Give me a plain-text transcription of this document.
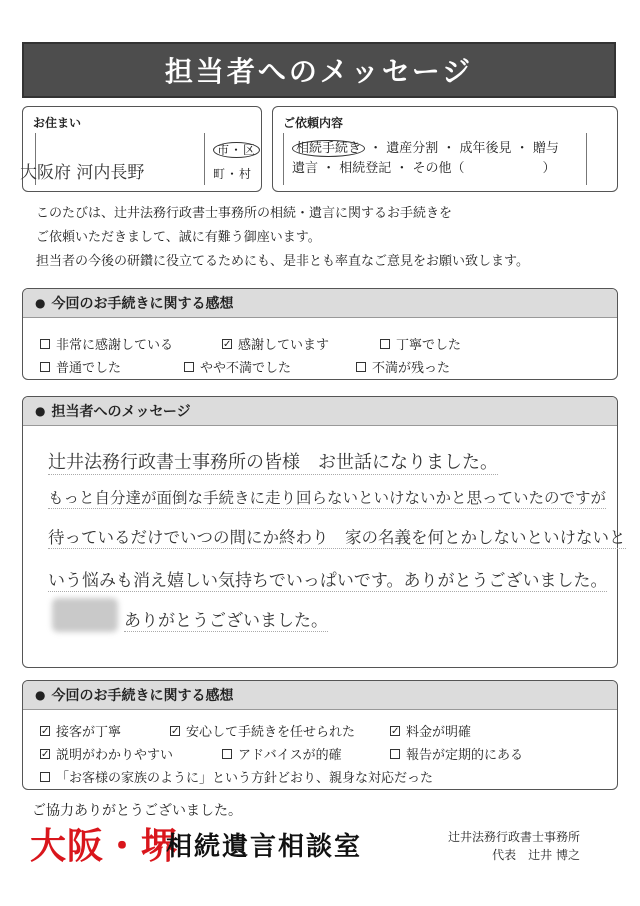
担当者へのメッセージ
お住まい
市・区
町・村
大阪府 河内長野
ご依頼内容
相続手続き ・ 遺産分割 ・ 成年後見 ・ 贈与
遺言 ・ 相続登記 ・ その他（　　　　　　）
このたびは、辻井法務行政書士事務所の相続・遺言に関するお手続きを
ご依頼いただきまして、誠に有難う御座います。
担当者の今後の研鑽に役立てるためにも、是非とも率直なご意見をお願い致します。
● 今回のお手続きに関する感想
非常に感謝している	✓ 感謝しています	丁寧でした
普通でした	やや不満でした	不満が残った
● 担当者へのメッセージ
辻井法務行政書士事務所の皆様　お世話になりました。
もっと自分達が面倒な手続きに走り回らないといけないかと思っていたのですが
待っているだけでいつの間にか終わり　家の名義を何とかしないといけないと
いう悩みも消え嬉しい気持ちでいっぱいです。ありがとうございました。
ありがとうございました。
● 今回のお手続きに関する感想
✓ 接客が丁寧	✓ 安心して手続きを任せられた	✓ 料金が明確
✓ 説明がわかりやすい	アドバイスが的確	報告が定期的にある
「お客様の家族のように」という方針どおり、親身な対応だった
ご協力ありがとうございました。
大阪・堺
相続遺言相談室	辻井法務行政書士事務所
代表　辻井 博之
